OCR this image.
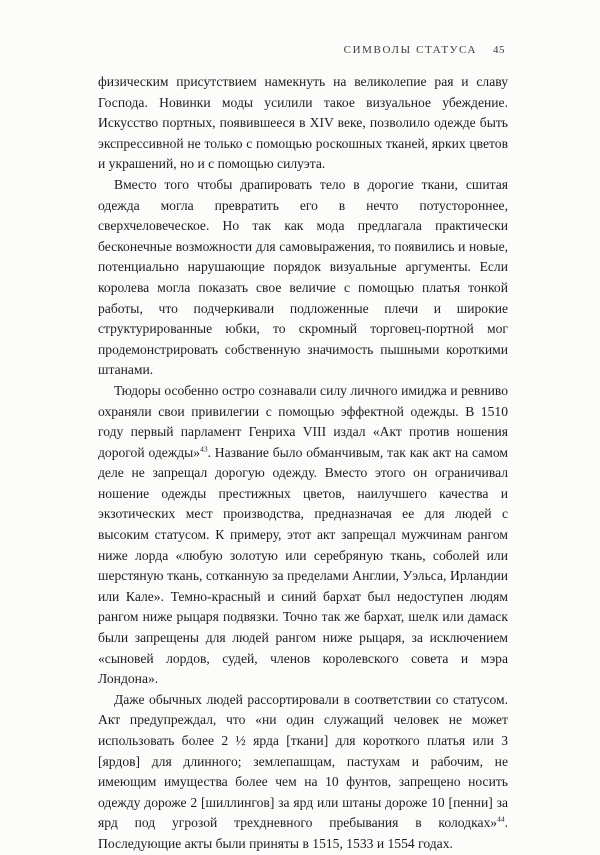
СИМВОЛЫ СТАТУСА 45

физическим присутствием намекнуть на великолепие рая и славу Господа. Новинки моды усилили такое визуальное убеждение. Искусство портных, появившееся в XIV веке, позволило одежде быть экспрессивной не только с помощью роскошных тканей, ярких цветов и украшений, но и с помощью силуэта.

Вместо того чтобы драпировать тело в дорогие ткани, сшитая одежда могла превратить его в нечто потустороннее, сверхчеловеческое. Но так как мода предлагала практически бесконечные возможности для самовыражения, то появились и новые, потенциально нарушающие порядок визуальные аргументы. Если королева могла показать свое величие с помощью платья тонкой работы, что подчеркивали подложенные плечи и широкие структурированные юбки, то скромный торговец-портной мог продемонстрировать собственную значимость пышными короткими штанами.

Тюдоры особенно остро сознавали силу личного имиджа и ревниво охраняли свои привилегии с помощью эффектной одежды. В 1510 году первый парламент Генриха VIII издал «Акт против ношения дорогой одежды»$^{43}$. Название было обманчивым, так как акт на самом деле не запрещал дорогую одежду. Вместо этого он ограничивал ношение одежды престижных цветов, наилучшего качества и экзотических мест производства, предназначая ее для людей с высоким статусом. К примеру, этот акт запрещал мужчинам рангом ниже лорда «любую золотую или серебряную ткань, соболей или шерстяную ткань, сотканную за пределами Англии, Уэльса, Ирландии или Кале». Темно-красный и синий бархат был недоступен людям рангом ниже рыцаря подвязки. Точно так же бархат, шелк или дамаск были запрещены для людей рангом ниже рыцаря, за исключением «сыновей лордов, судей, членов королевского совета и мэра Лондона».

Даже обычных людей рассортировали в соответствии со статусом. Акт предупреждал, что «ни один служащий человек не может использовать более 2 ½ ярда [ткани] для короткого платья или 3 [ярдов] для длинного; землепашцам, пастухам и рабочим, не имеющим имущества более чем на 10 фунтов, запрещено носить одежду дороже 2 [шиллингов] за ярд или штаны дороже 10 [пенни] за ярд под угрозой трехдневного пребывания в колодках»$^{44}$. Последующие акты были приняты в 1515, 1533 и 1554 годах.
